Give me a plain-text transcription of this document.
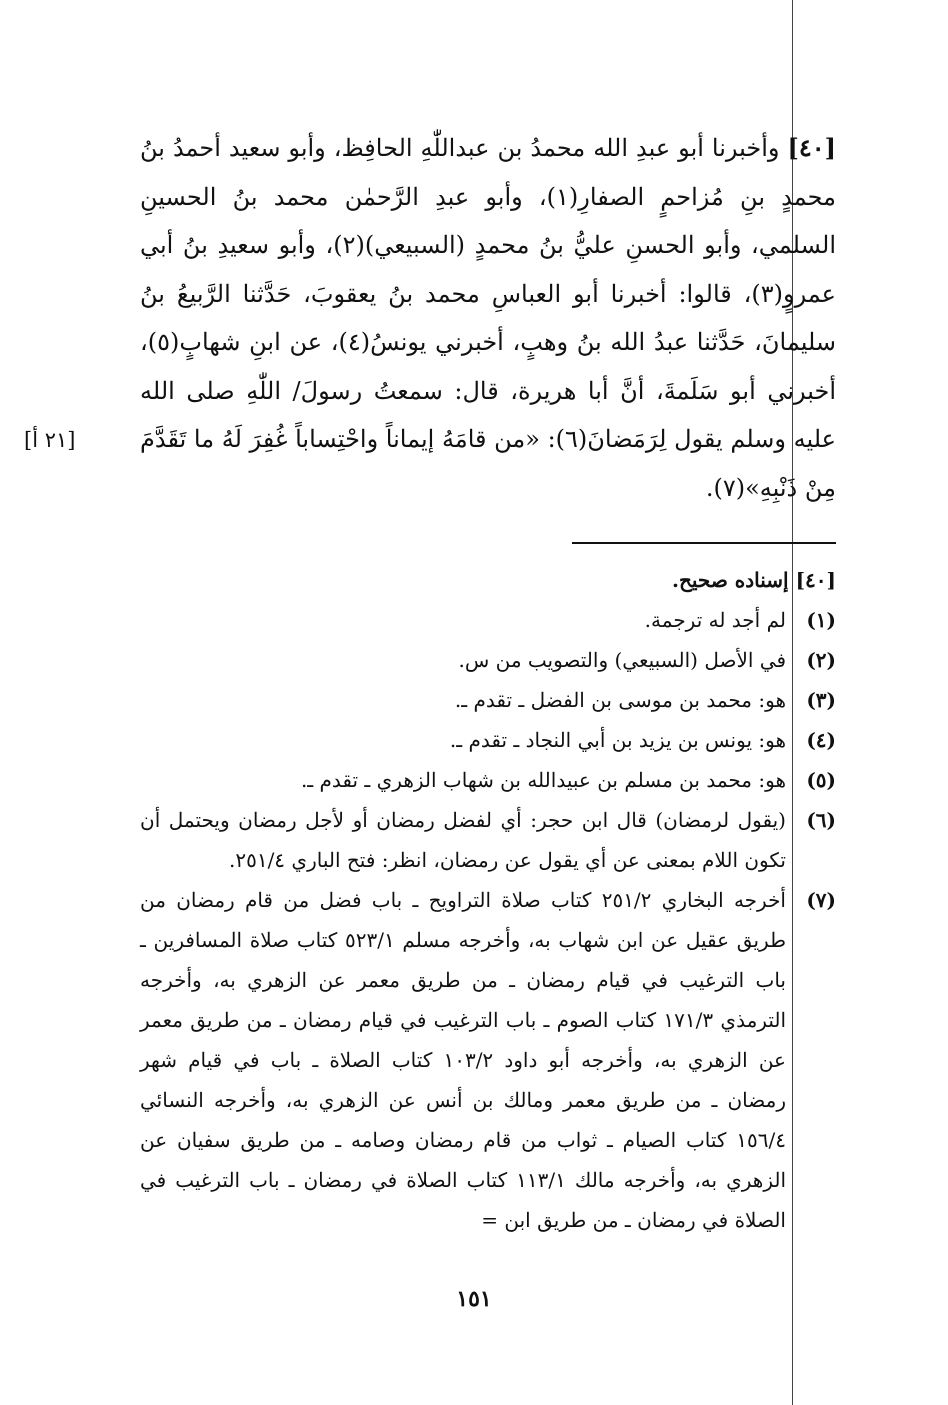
[٤٠] وأخبرنا أبو عبدِ الله محمدُ بن عبداللّٰهِ الحافِظ، وأبو سعيد أحمدُ بنُ محمدٍ بنِ مُزاحمٍ الصفارِ(١)، وأبو عبدِ الرَّحمٰن محمد بنُ الحسينِ السلمي، وأبو الحسنِ عليُّ بنُ محمدٍ (السبيعي)(٢)، وأبو سعيدِ بنُ أبي عمروٍ(٣)، قالوا: أخبرنا أبو العباسِ محمد بنُ يعقوبَ، حَدَّثنا الرَّبيعُ بنُ سليمانَ، حَدَّثنا عبدُ الله بنُ وهبٍ، أخبرني يونسُ(٤)، عن ابنِ شهابٍ(٥)، أخبرني أبو سَلَمةَ، أنَّ أبا هريرة، قال: سمعتُ رسولَ/ اللّٰهِ صلى الله عليه وسلم يقول لِرَمَضانَ(٦): «من قامَهُ إيماناً واحْتِساباً غُفِرَ لَهُ ما تَقَدَّمَ مِنْ ذَنْبِهِ»(٧).
[٢١ أ]
[٤٠] إسناده صحيح.
(١)
لم أجد له ترجمة.
(٢)
في الأصل (السبيعي) والتصويب من س.
(٣)
هو: محمد بن موسى بن الفضل ـ تقدم ـ.
(٤)
هو: يونس بن يزيد بن أبي النجاد ـ تقدم ـ.
(٥)
هو: محمد بن مسلم بن عبيدالله بن شهاب الزهري ـ تقدم ـ.
(٦)
(يقول لرمضان) قال ابن حجر: أي لفضل رمضان أو لأجل رمضان ويحتمل أن تكون اللام بمعنى عن أي يقول عن رمضان، انظر: فتح الباري ٢٥١/٤.
(٧)
أخرجه البخاري ٢٥١/٢ كتاب صلاة التراويح ـ باب فضل من قام رمضان من طريق عقيل عن ابن شهاب به، وأخرجه مسلم ٥٢٣/١ كتاب صلاة المسافرين ـ باب الترغيب في قيام رمضان ـ من طريق معمر عن الزهري به، وأخرجه الترمذي ١٧١/٣ كتاب الصوم ـ باب الترغيب في قيام رمضان ـ من طريق معمر عن الزهري به، وأخرجه أبو داود ١٠٣/٢ كتاب الصلاة ـ باب في قيام شهر رمضان ـ من طريق معمر ومالك بن أنس عن الزهري به، وأخرجه النسائي ١٥٦/٤ كتاب الصيام ـ ثواب من قام رمضان وصامه ـ من طريق سفيان عن الزهري به، وأخرجه مالك ١١٣/١ كتاب الصلاة في رمضان ـ باب الترغيب في الصلاة في رمضان ـ من طريق ابن =
١٥١
